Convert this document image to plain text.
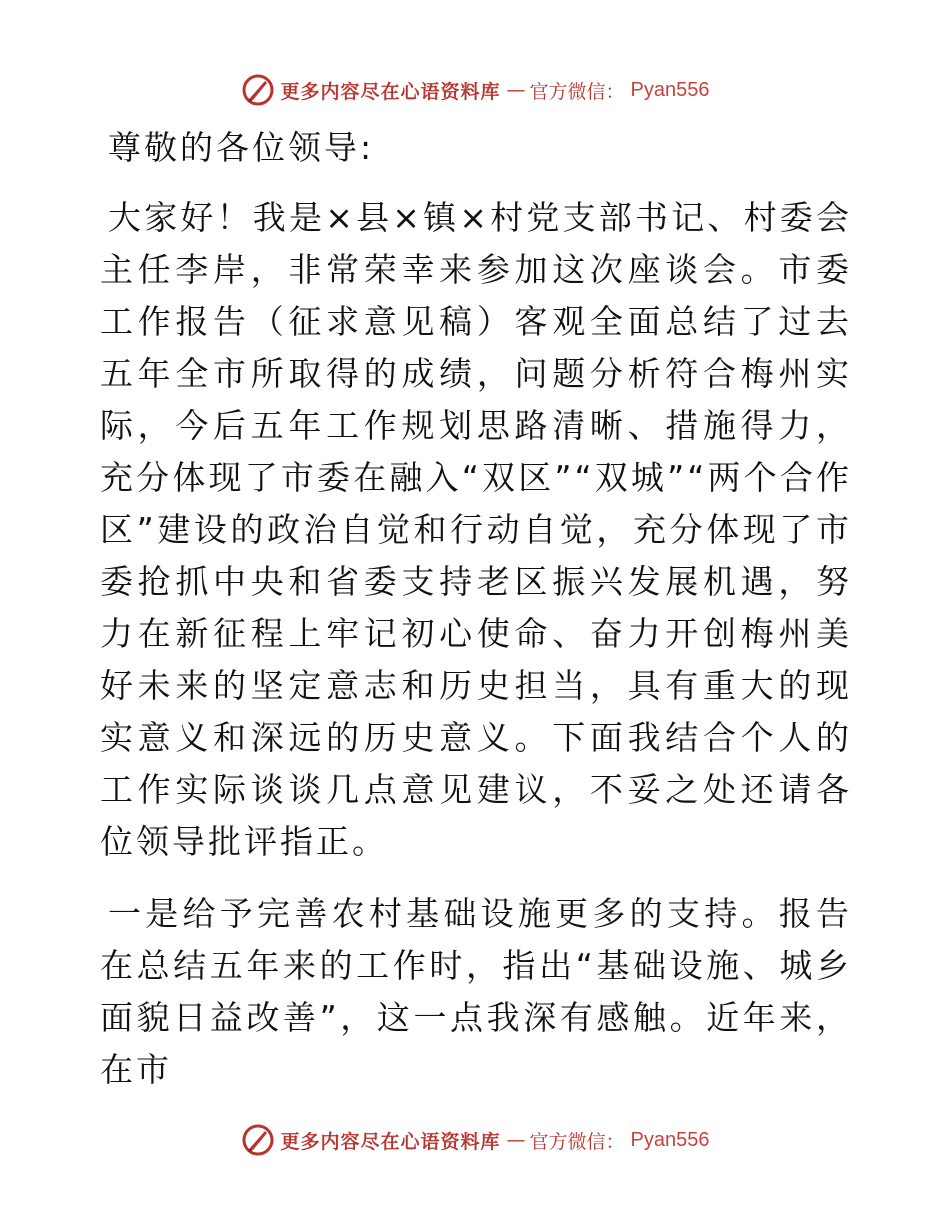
更多内容尽在心语资料库 — 官方微信： Pyan556

尊敬的各位领导:

大家好！我是×县×镇×村党支部书记、村委会主任李岸，非常荣幸来参加这次座谈会。市委工作报告（征求意见稿）客观全面总结了过去五年全市所取得的成绩，问题分析符合梅州实际，今后五年工作规划思路清晰、措施得力，充分体现了市委在融入“双区”“双城”“两个合作区”建设的政治自觉和行动自觉，充分体现了市委抢抓中央和省委支持老区振兴发展机遇，努力在新征程上牢记初心使命、奋力开创梅州美好未来的坚定意志和历史担当，具有重大的现实意义和深远的历史意义。下面我结合个人的工作实际谈谈几点意见建议，不妥之处还请各位领导批评指正。

一是给予完善农村基础设施更多的支持。报告在总结五年来的工作时，指出“基础设施、城乡面貌日益改善”，这一点我深有感触。近年来，在市

更多内容尽在心语资料库 — 官方微信： Pyan556
